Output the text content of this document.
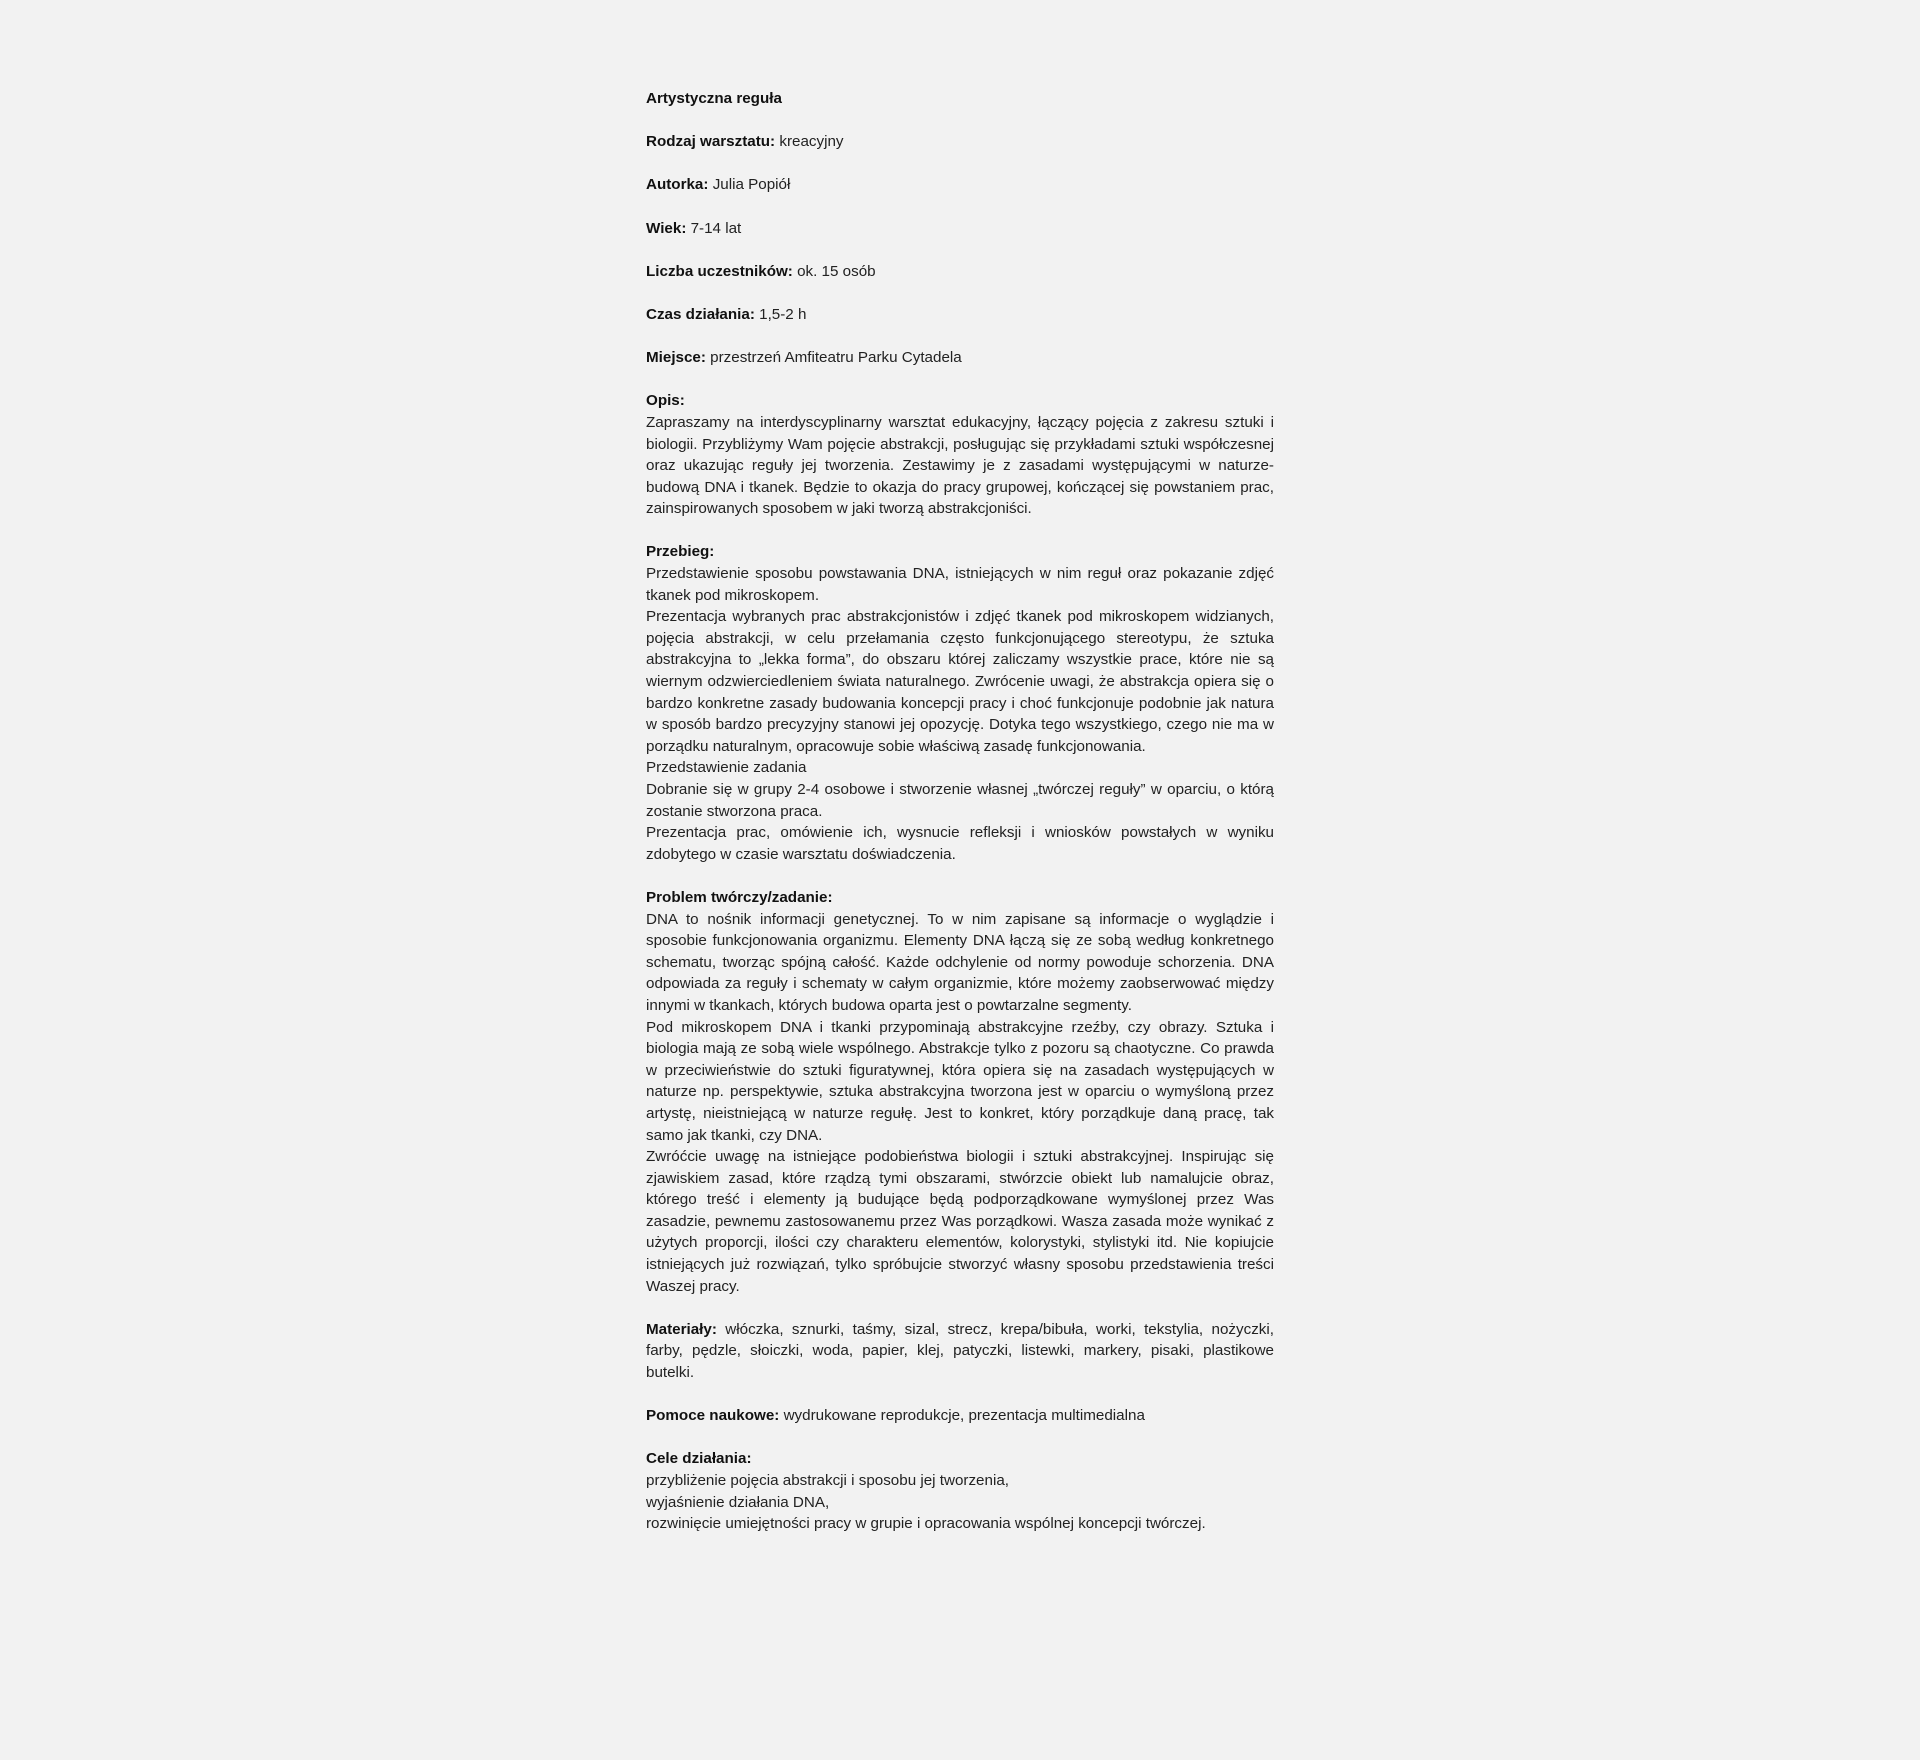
Artystyczna reguła
Rodzaj warsztatu: kreacyjny
Autorka: Julia Popiół
Wiek: 7-14 lat
Liczba uczestników: ok. 15 osób
Czas działania: 1,5-2 h
Miejsce: przestrzeń Amfiteatru Parku Cytadela
Opis:

Zapraszamy na interdyscyplinarny warsztat edukacyjny, łączący pojęcia z zakresu sztuki i biologii. Przybliżymy Wam pojęcie abstrakcji, posługując się przykładami sztuki współczesnej oraz ukazując reguły jej tworzenia. Zestawimy je z zasadami występującymi w naturze- budową DNA i tkanek. Będzie to okazja do pracy grupowej, kończącej się powstaniem prac, zainspirowanych sposobem w jaki tworzą abstrakcjoniści.

Przebieg:

Przedstawienie sposobu powstawania DNA, istniejących w nim reguł oraz pokazanie zdjęć tkanek pod mikroskopem.

Prezentacja wybranych prac abstrakcjonistów i zdjęć tkanek pod mikroskopem widzianych, pojęcia abstrakcji, w celu przełamania często funkcjonującego stereotypu, że sztuka abstrakcyjna to „lekka forma”, do obszaru której zaliczamy wszystkie prace, które nie są wiernym odzwierciedleniem świata naturalnego. Zwrócenie uwagi, że abstrakcja opiera się o bardzo konkretne zasady budowania koncepcji pracy i choć funkcjonuje podobnie jak natura w sposób bardzo precyzyjny stanowi jej opozycję. Dotyka tego wszystkiego, czego nie ma w porządku naturalnym, opracowuje sobie właściwą zasadę funkcjonowania.

Przedstawienie zadania

Dobranie się w grupy 2-4 osobowe i stworzenie własnej „twórczej reguły” w oparciu, o którą zostanie stworzona praca.

Prezentacja prac, omówienie ich, wysnucie refleksji i wniosków powstałych w wyniku zdobytego w czasie warsztatu doświadczenia.

Problem twórczy/zadanie:

DNA to nośnik informacji genetycznej. To w nim zapisane są informacje o wyglądzie i sposobie funkcjonowania organizmu. Elementy DNA łączą się ze sobą według konkretnego schematu, tworząc spójną całość. Każde odchylenie od normy powoduje schorzenia. DNA odpowiada za reguły i schematy w całym organizmie, które możemy zaobserwować między innymi w tkankach, których budowa oparta jest o powtarzalne segmenty.

Pod mikroskopem DNA i tkanki przypominają abstrakcyjne rzeźby, czy obrazy. Sztuka i biologia mają ze sobą wiele wspólnego. Abstrakcje tylko z pozoru są chaotyczne. Co prawda w przeciwieństwie do sztuki figuratywnej, która opiera się na zasadach występujących w naturze np. perspektywie, sztuka abstrakcyjna tworzona jest w oparciu o wymyśloną przez artystę, nieistniejącą w naturze regułę. Jest to konkret, który porządkuje daną pracę, tak samo jak tkanki, czy DNA.

Zwróćcie uwagę na istniejące podobieństwa biologii i sztuki abstrakcyjnej. Inspirując się zjawiskiem zasad, które rządzą tymi obszarami, stwórzcie obiekt lub namalujcie obraz, którego treść i elementy ją budujące będą podporządkowane wymyślonej przez Was zasadzie, pewnemu zastosowanemu przez Was porządkowi. Wasza zasada może wynikać z użytych proporcji, ilości czy charakteru elementów, kolorystyki, stylistyki itd. Nie kopiujcie istniejących już rozwiązań, tylko spróbujcie stworzyć własny sposobu przedstawienia treści Waszej pracy.

Materiały: włóczka, sznurki, taśmy, sizal, strecz, krepa/bibuła, worki, tekstylia, nożyczki, farby, pędzle, słoiczki, woda, papier, klej, patyczki, listewki, markery, pisaki, plastikowe butelki.

Pomoce naukowe: wydrukowane reprodukcje, prezentacja multimedialna
Cele działania:
przybliżenie pojęcia abstrakcji i sposobu jej tworzenia,
wyjaśnienie działania DNA,
rozwinięcie umiejętności pracy w grupie i opracowania wspólnej koncepcji twórczej.
